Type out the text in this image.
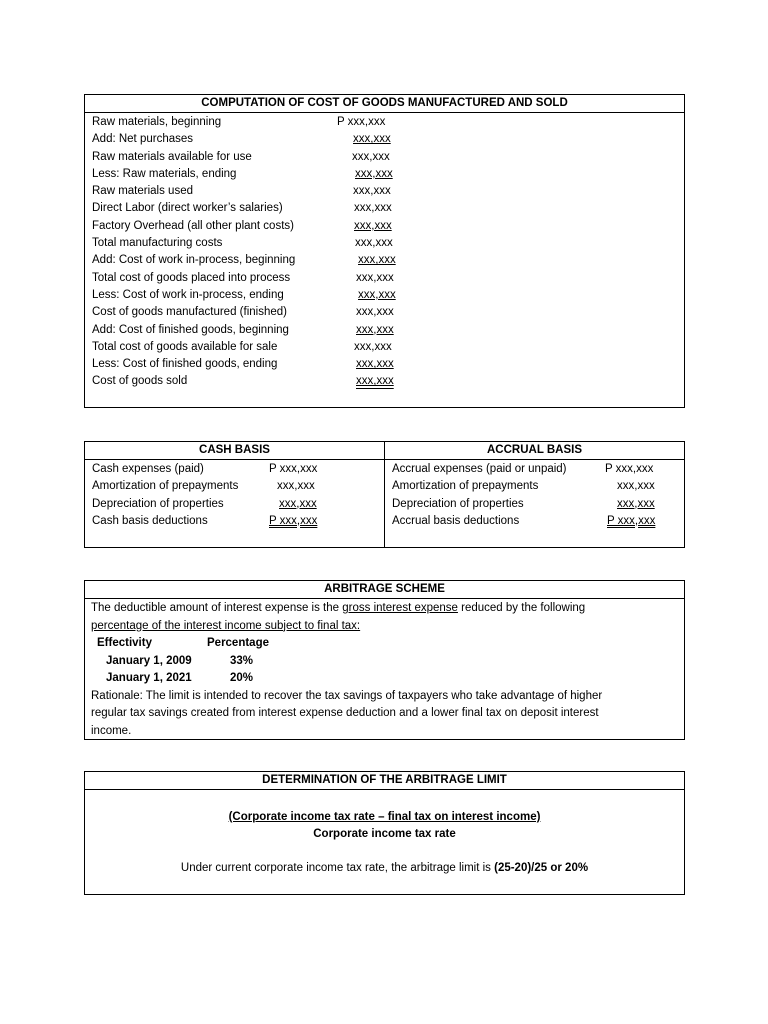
COMPUTATION OF COST OF GOODS MANUFACTURED AND SOLD
Raw materials, beginning	P xxx,xxx
Add: Net purchases	xxx,xxx
Raw materials available for use	xxx,xxx
Less: Raw materials, ending	xxx,xxx
Raw materials used	xxx,xxx
Direct Labor (direct worker’s salaries)	xxx,xxx
Factory Overhead (all other plant costs)	xxx,xxx
Total manufacturing costs	xxx,xxx
Add: Cost of work in-process, beginning	xxx,xxx
Total cost of goods placed into process	xxx,xxx
Less: Cost of work in-process, ending	xxx,xxx
Cost of goods manufactured (finished)	xxx,xxx
Add: Cost of finished goods, beginning	xxx,xxx
Total cost of goods available for sale	xxx,xxx
Less: Cost of finished goods, ending	xxx,xxx
Cost of goods sold	xxx,xxx
CASH BASIS
Cash expenses (paid)	P xxx,xxx
Amortization of prepayments	xxx,xxx
Depreciation of properties	xxx,xxx
Cash basis deductions	P xxx,xxx
ACCRUAL BASIS
Accrual expenses (paid or unpaid)	P xxx,xxx
Amortization of prepayments	xxx,xxx
Depreciation of properties	xxx,xxx
Accrual basis deductions	P xxx,xxx
ARBITRAGE SCHEME
The deductible amount of interest expense is the gross interest expense reduced by the following
percentage of the interest income subject to final tax:
Effectivity	Percentage
January 1, 2009	33%
January 1, 2021	20%
Rationale: The limit is intended to recover the tax savings of taxpayers who take advantage of higher
regular tax savings created from interest expense deduction and a lower final tax on deposit interest
income.
DETERMINATION OF THE ARBITRAGE LIMIT
(Corporate income tax rate – final tax on interest income)
Corporate income tax rate
Under current corporate income tax rate, the arbitrage limit is (25-20)/25 or 20%
